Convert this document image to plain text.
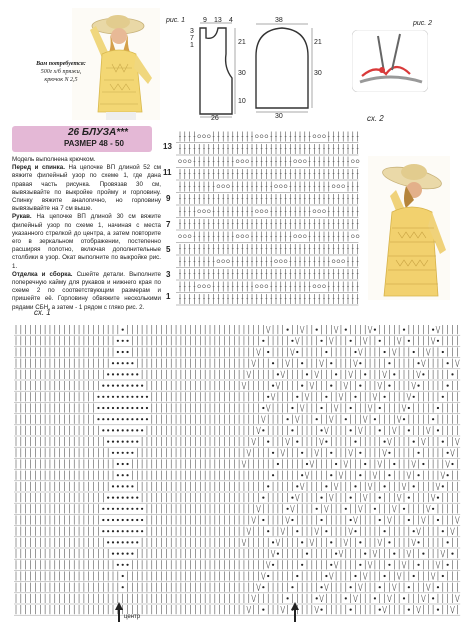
Вам потребуется:
500г х/б пряжи,
крючок N 2,5
рис. 1	9 13 4
3
7
1	21
30
10
26
38
21
30
30
рис. 2
26 БЛУЗА***
РАЗМЕР 48 - 50
Модель выполнена крючком.
Перед и спинка. На цепочке ВП длиной 52 см вяжите филейный узор по схеме 1, где дана правая часть рисунка. Провязав 30 см, вывязывайте по выкройке пройму и горловину. Спинку вяжите аналогично, но горловину вывязывайте на 7 см выше.
Рукав. На цепочке ВП длиной 30 см вяжите филейный узор по схеме 1, начиная с места указанного стрелкой до центра, а затем повторите его в зеркальном отображении, постепенно расширяя полотно, включая дополнительные столбики в узор. Окат выполните по выкройке рис. 1.
Отделка и сборка. Сшейте детали. Выполните поперечную кайму для рукавов и нижнего края по схеме 2 по соответствующим размерам и пришейте её. Горловину обвяжите несколькими рядами СБН, а затем - 1 рядом с гляко рис. 2.
сх. 2
13
11
9
7
5
3
1
сх. 1
центр
